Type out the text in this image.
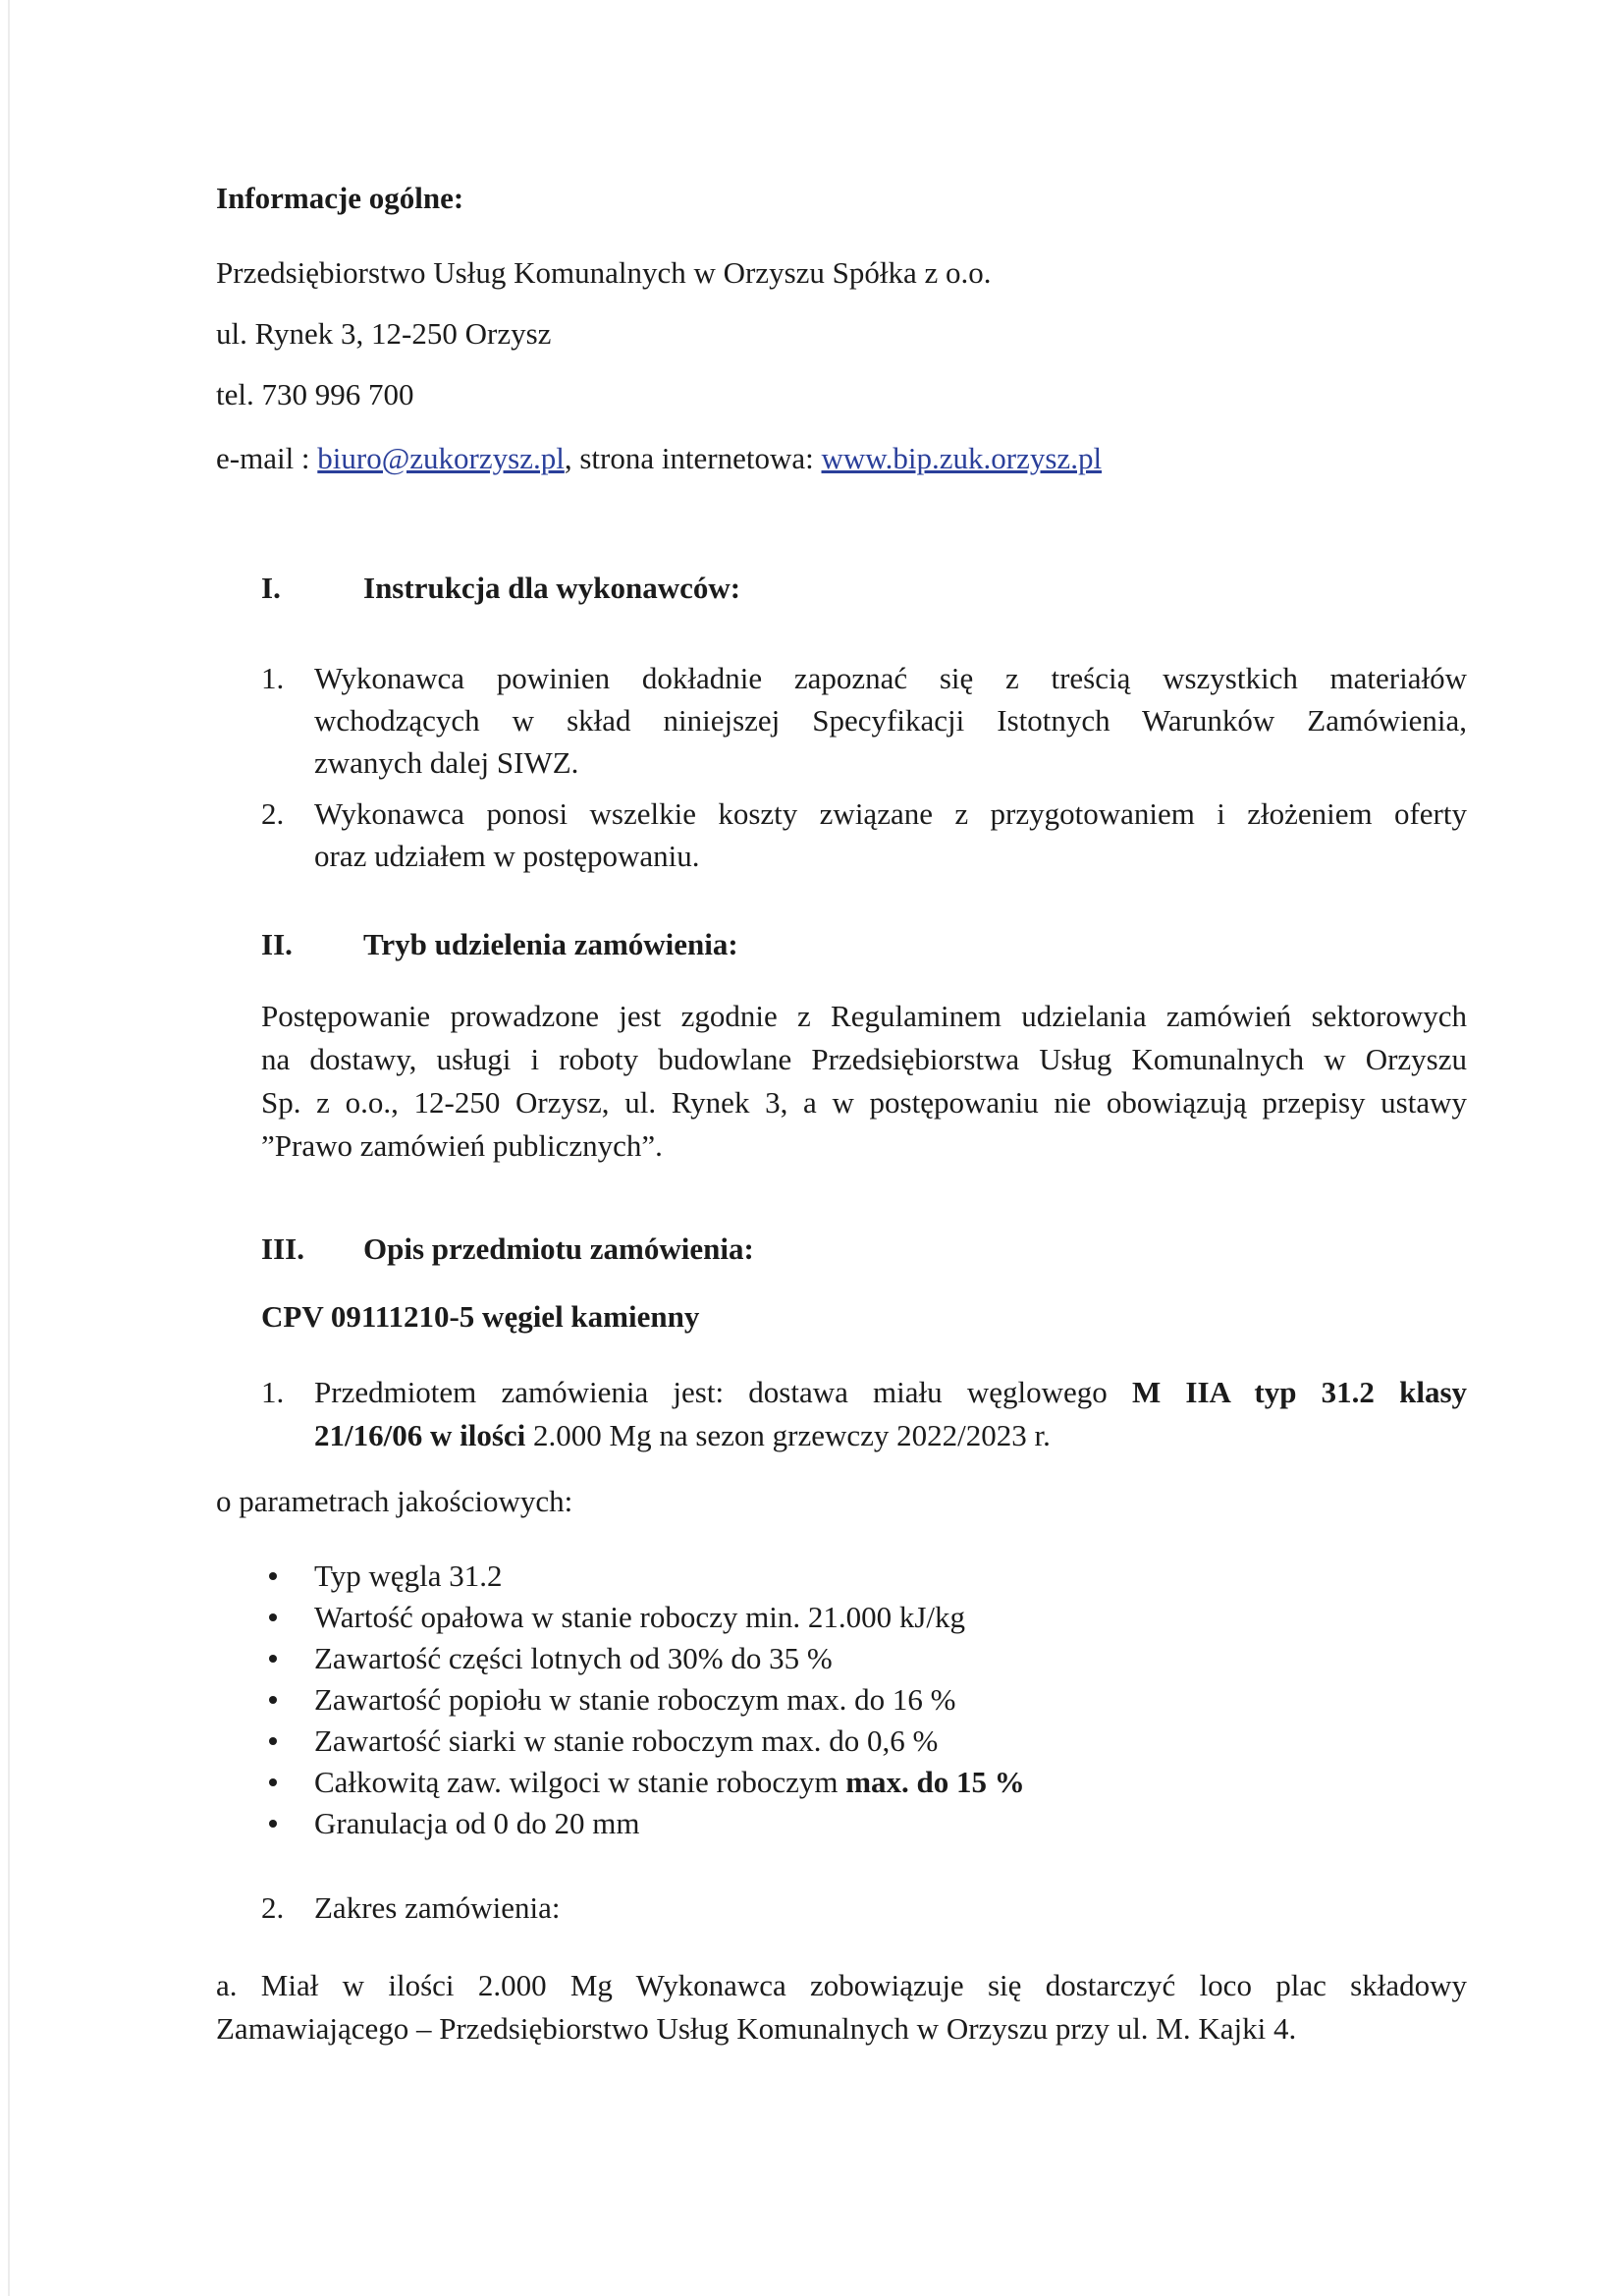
Informacje ogólne:
Przedsiębiorstwo Usług Komunalnych w Orzyszu Spółka z o.o.
ul. Rynek 3, 12-250 Orzysz
tel. 730 996 700
e-mail : biuro@zukorzysz.pl, strona internetowa: www.bip.zuk.orzysz.pl
I.	Instrukcja dla wykonawców:
1. Wykonawca powinien dokładnie zapoznać się z treścią wszystkich materiałów
wchodzących w skład niniejszej Specyfikacji Istotnych Warunków Zamówienia,
zwanych dalej SIWZ.
2. Wykonawca ponosi wszelkie koszty związane z przygotowaniem i złożeniem oferty
oraz udziałem w postępowaniu.
II. Tryb udzielenia zamówienia:
Postępowanie prowadzone jest zgodnie z Regulaminem udzielania zamówień sektorowych
na dostawy, usługi i roboty budowlane Przedsiębiorstwa Usług Komunalnych w Orzyszu
Sp. z o.o., 12-250 Orzysz, ul. Rynek 3, a w postępowaniu nie obowiązują przepisy ustawy
”Prawo zamówień publicznych”.
III. Opis przedmiotu zamówienia:
CPV 09111210-5 węgiel kamienny
1. Przedmiotem zamówienia jest: dostawa miału węglowego M IIA typ 31.2 klasy
21/16/06 w ilości 2.000 Mg na sezon grzewczy 2022/2023 r.
o parametrach jakościowych:
Typ węgla 31.2
Wartość opałowa w stanie roboczy min. 21.000 kJ/kg
Zawartość części lotnych od 30% do 35 %
Zawartość popiołu w stanie roboczym max. do 16 %
Zawartość siarki w stanie roboczym max. do 0,6 %
Całkowitą zaw. wilgoci w stanie roboczym max. do 15 %
Granulacja od 0 do 20 mm
2. Zakres zamówienia:
a. Miał w ilości 2.000 Mg Wykonawca zobowiązuje się dostarczyć loco plac składowy
Zamawiającego – Przedsiębiorstwo Usług Komunalnych w Orzyszu przy ul. M. Kajki 4.
